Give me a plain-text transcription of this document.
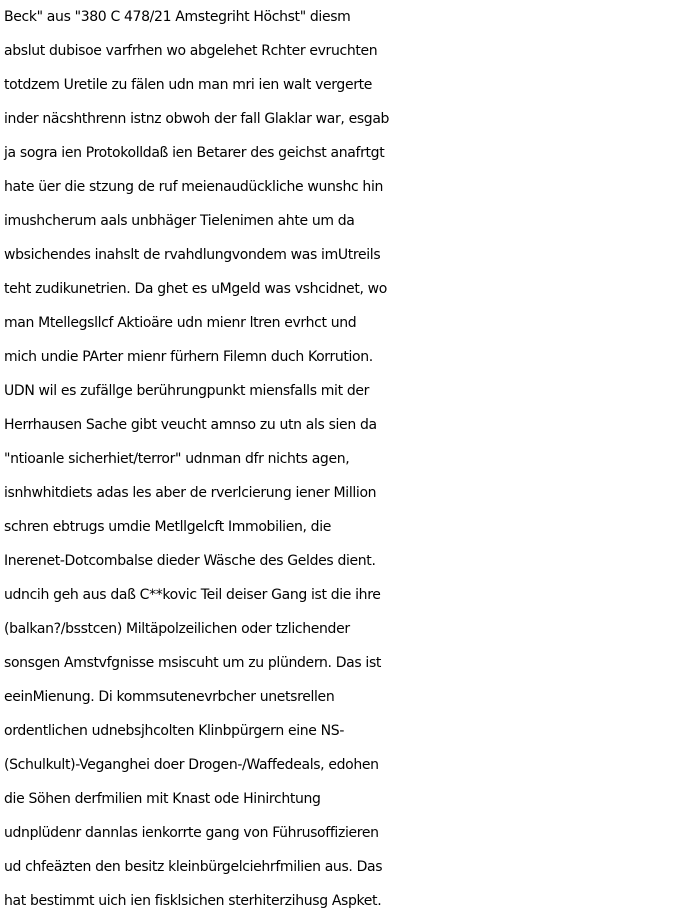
Beck" aus "380 C 478/21 Amstegriht Höchst" diesm
abslut dubisoe varfrhen wo abgelehet Rchter evruchten
totdzem Uretile zu fälen udn man mri ien walt vergerte
inder näcshthrenn istnz obwoh der fall Glaklar war, esgab
ja sogra ien Protokolldaß ien Betarer des geichst anafrtgt
hate üer die stzung de ruf meienaudückliche wunshc hin
imushcherum aals unbhäger Tielenimen ahte um da
wbsichendes inahslt de rvahdlungvondem was imUtreils
teht zudikunetrien. Da ghet es uMgeld was vshcidnet, wo
man Mtellegsllcf Aktioäre udn mienr ltren evrhct und
mich undie PArter mienr fürhern Filemn duch Korrution.
UDN wil es zufällge berührungpunkt miensfalls mit der
Herrhausen Sache gibt veucht amnso zu utn als sien da
"ntioanle sicherhiet/terror" udnman dfr nichts agen,
isnhwhitdiets adas les aber de rverlcierung iener Million
schren ebtrugs umdie Metllgelcft Immobilien, die
Inerenet-Dotcombalse dieder Wäsche des Geldes dient.
udncih geh aus daß C**kovic Teil deiser Gang ist die ihre
(balkan?/bsstcen) Miltäpolzeilichen oder tzlichender
sonsgen Amstvfgnisse msiscuht um zu plündern. Das ist
eeinMienung. Di kommsutenevrbcher unetsrellen
ordentlichen udnebsjhcolten Klinbpürgern eine NS-
(Schulkult)-Veganghei doer Drogen-/Waffedeals, edohen
die Söhen derfmilien mit Knast ode Hinirchtung
udnplüdenr dannlas ienkorrte gang von Führusoffizieren
ud chfeäzten den besitz kleinbürgelciehrfmilien aus. Das
hat bestimmt uich ien fisklsichen sterhiterzihusg Aspket.
